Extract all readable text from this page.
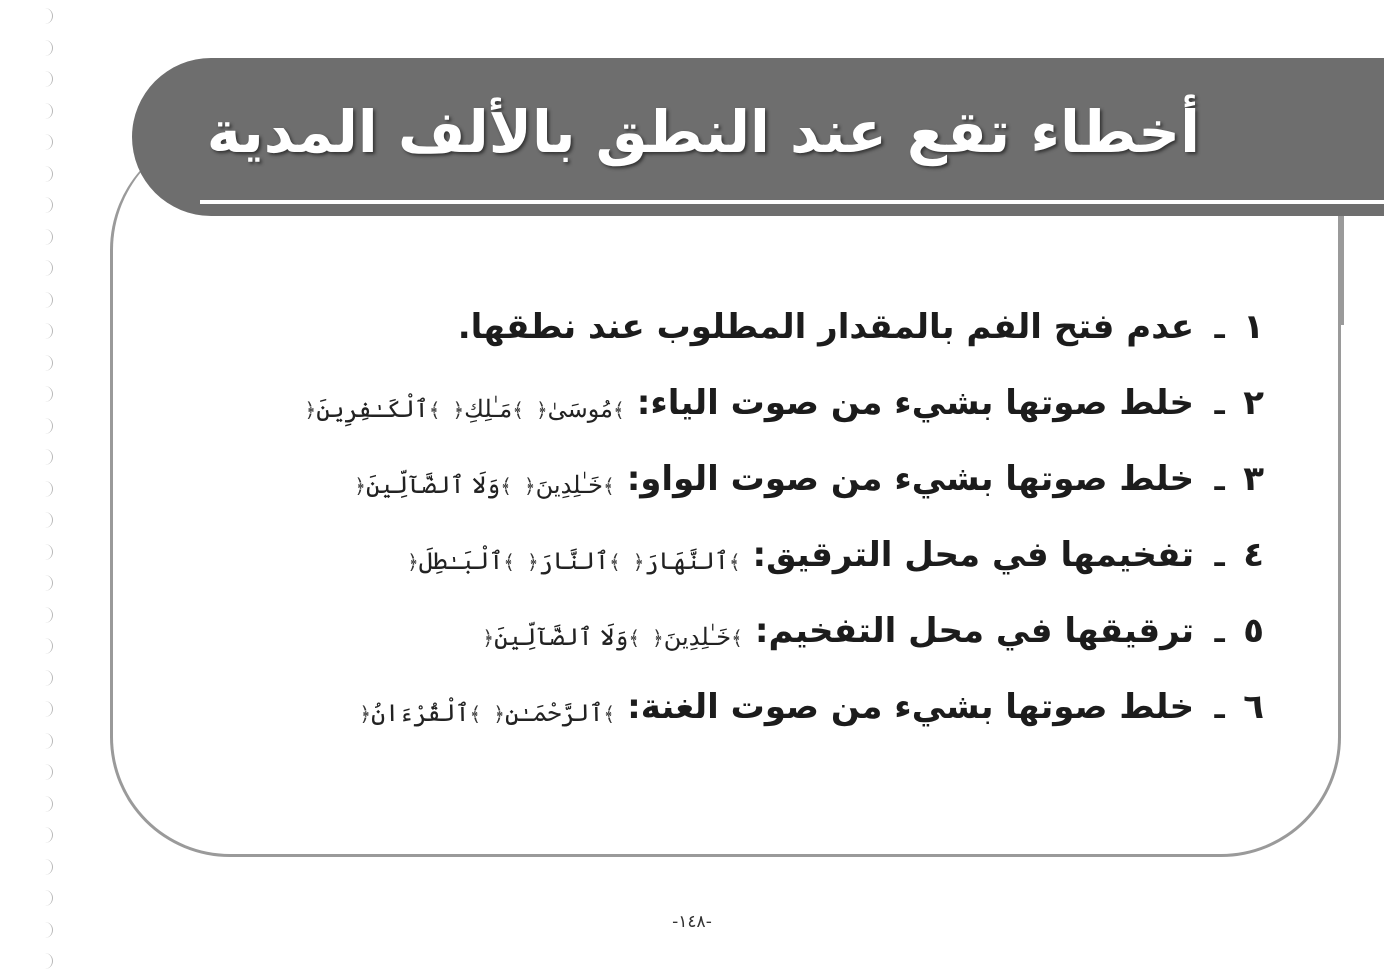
أخطاء تقع عند النطق بالألف المدية
١ ـ عدم فتح الفم بالمقدار المطلوب عند نطقها.
٢ ـ خلط صوتها بشيء من صوت الياء:﴾مُوسَىٰ﴿﴾مَـٰلِكِ﴿﴾ٱلْكَـٰفِرِينَ﴿
٣ ـ خلط صوتها بشيء من صوت الواو:﴾خَـٰلِدِينَ﴿﴾وَلَا ٱلضَّآلِّينَ﴿
٤ ـ تفخيمها في محل الترقيق:﴾ٱلنَّهَارَ﴿﴾ٱلنَّارَ﴿﴾ٱلْبَـٰطِلَ﴿
٥ ـ ترقيقها في محل التفخيم:﴾خَـٰلِدِينَ﴿﴾وَلَا ٱلضَّآلِّينَ﴿
٦ ـ خلط صوتها بشيء من صوت الغنة:﴾ٱلرَّحْمَـٰنِ﴿﴾ٱلْقُرْءَانُ﴿
-١٤٨-
